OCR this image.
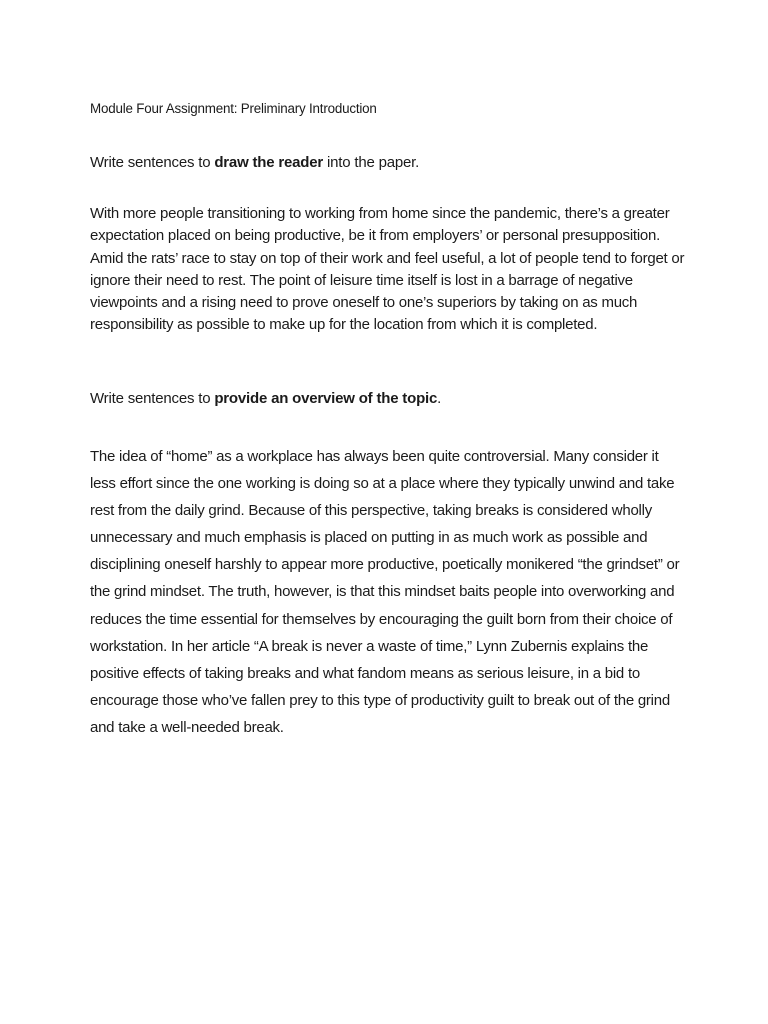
Module Four Assignment: Preliminary Introduction
Write sentences to draw the reader into the paper.

With more people transitioning to working from home since the pandemic, there’s a greater expectation placed on being productive, be it from employers’ or personal presupposition. Amid the rats’ race to stay on top of their work and feel useful, a lot of people tend to forget or ignore their need to rest. The point of leisure time itself is lost in a barrage of negative viewpoints and a rising need to prove oneself to one’s superiors by taking on as much responsibility as possible to make up for the location from which it is completed.

Write sentences to provide an overview of the topic.

The idea of “home” as a workplace has always been quite controversial. Many consider it less effort since the one working is doing so at a place where they typically unwind and take rest from the daily grind. Because of this perspective, taking breaks is considered wholly unnecessary and much emphasis is placed on putting in as much work as possible and disciplining oneself harshly to appear more productive, poetically monikered “the grindset” or the grind mindset. The truth, however, is that this mindset baits people into overworking and reduces the time essential for themselves by encouraging the guilt born from their choice of workstation. In her article “A break is never a waste of time,” Lynn Zubernis explains the positive effects of taking breaks and what fandom means as serious leisure, in a bid to encourage those who’ve fallen prey to this type of productivity guilt to break out of the grind and take a well-needed break.
